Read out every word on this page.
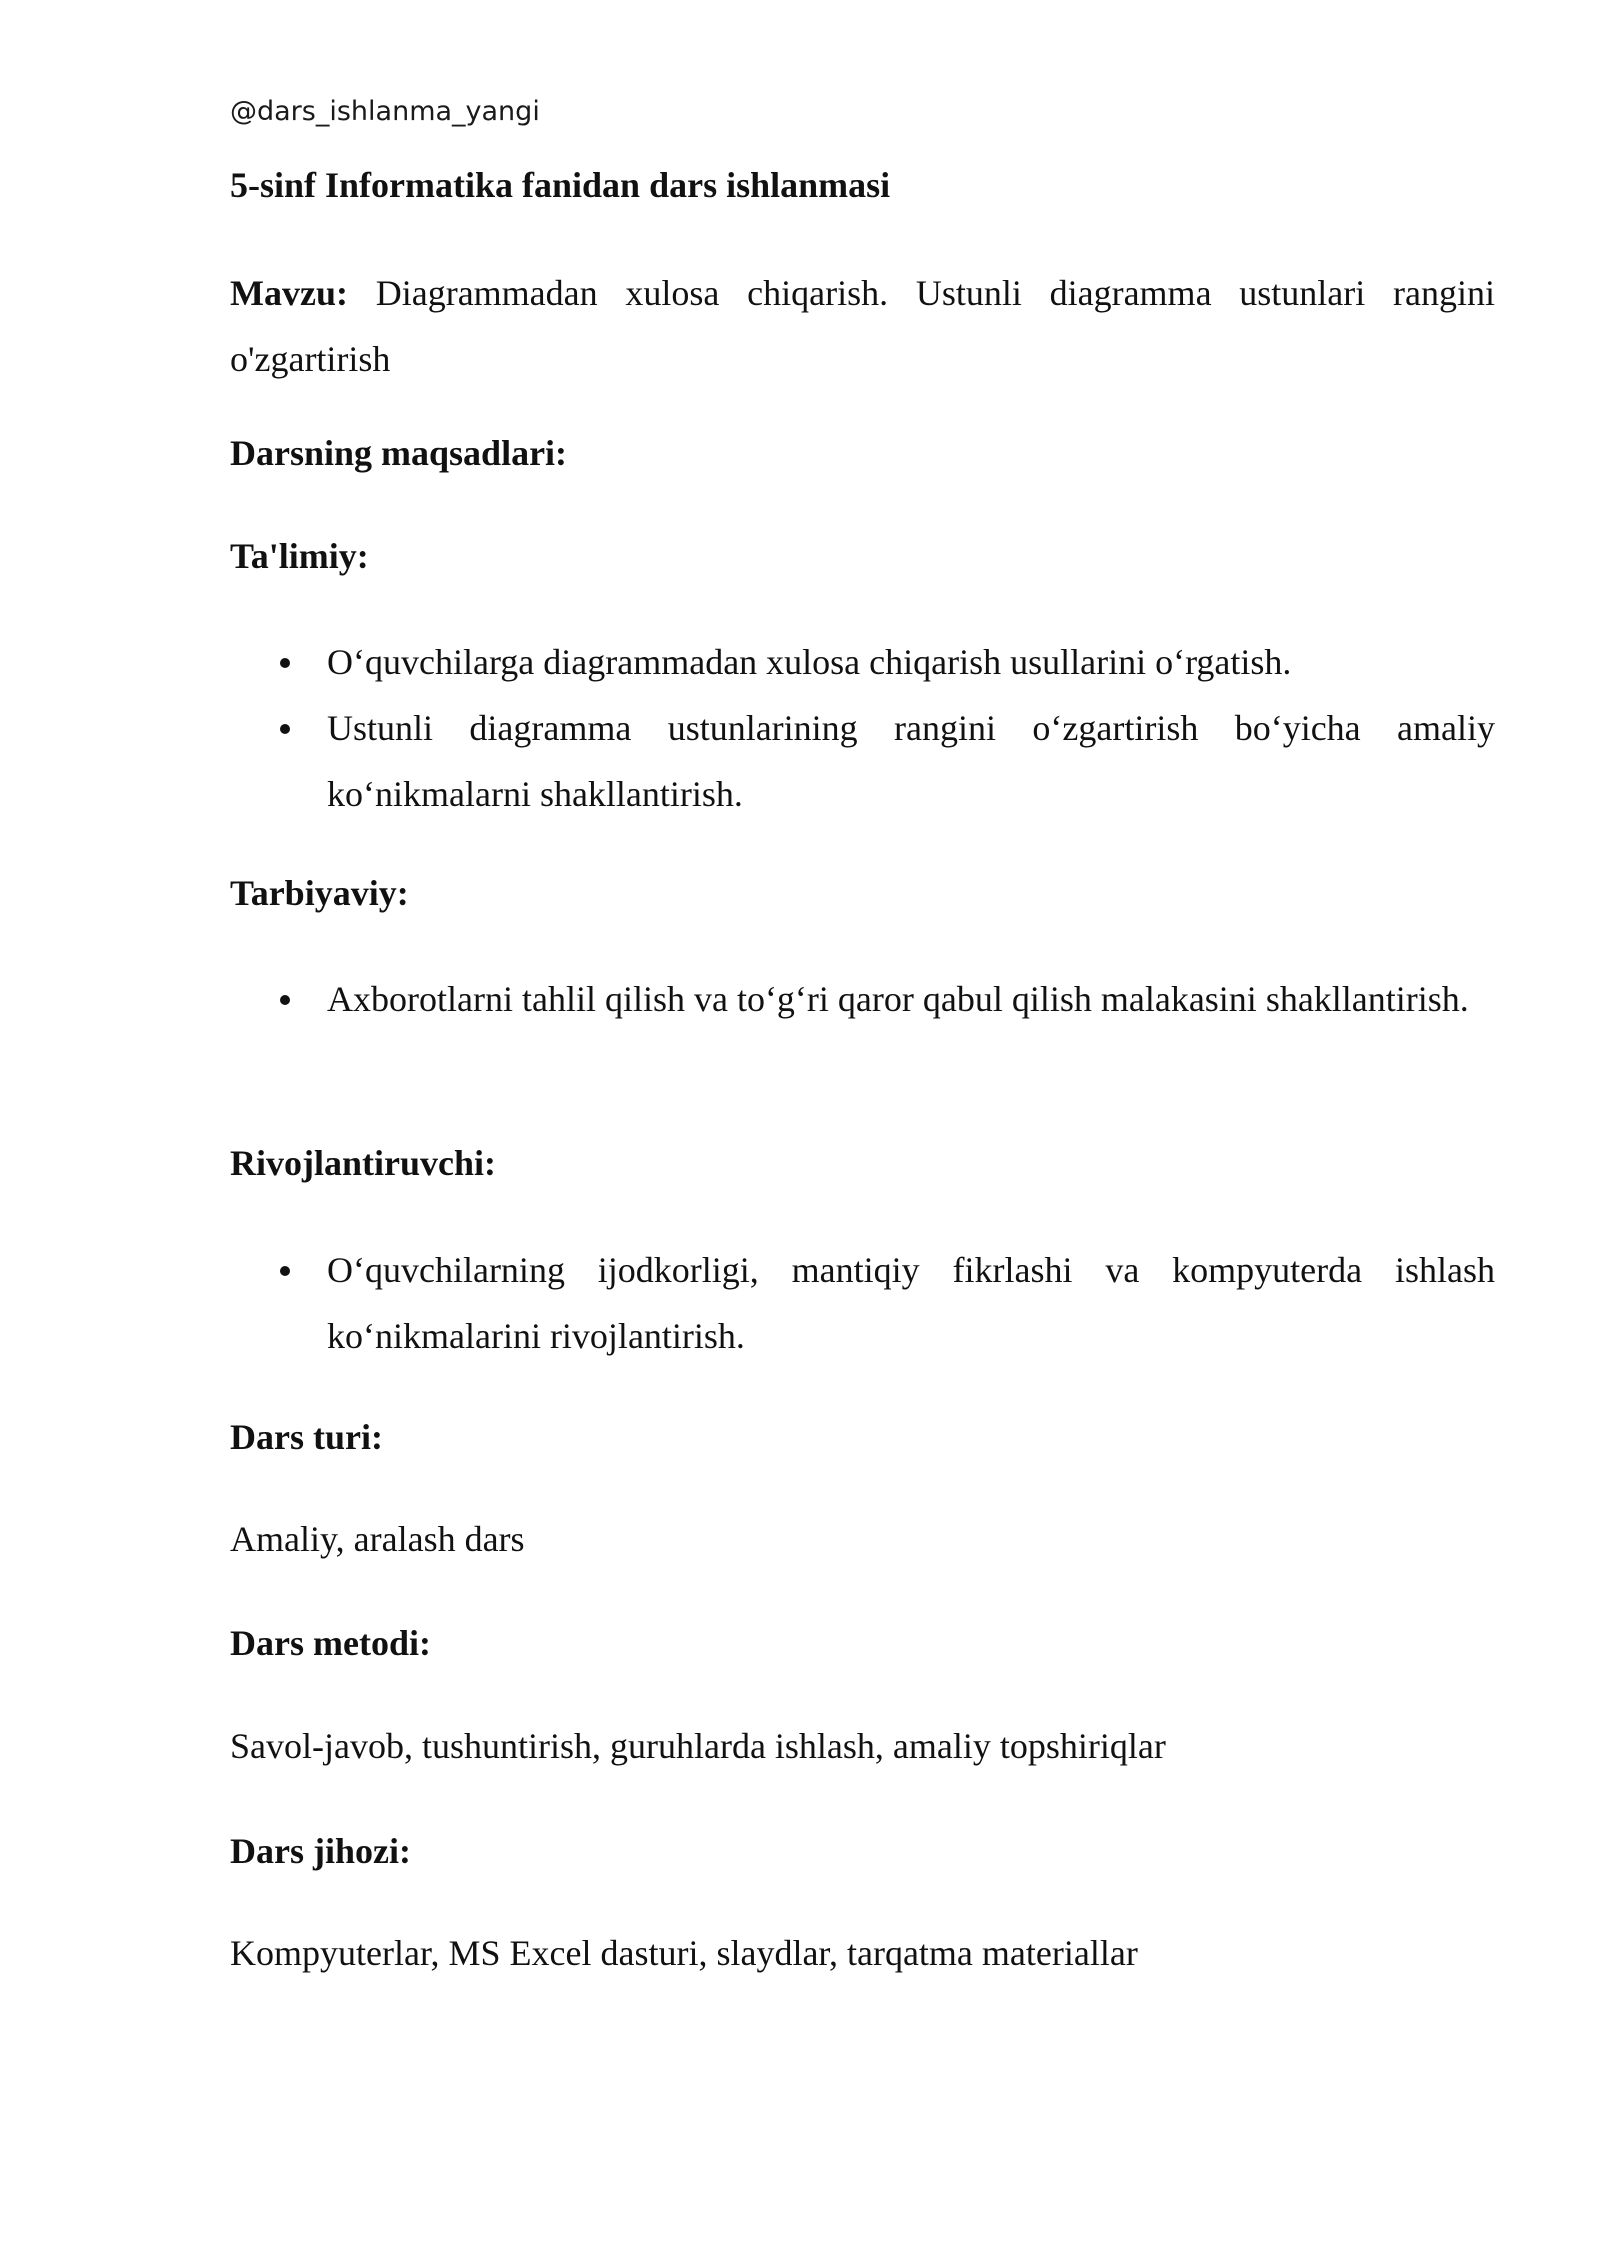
@dars_ishlanma_yangi
5-sinf Informatika fanidan dars ishlanmasi

Mavzu: Diagrammadan xulosa chiqarish. Ustunli diagramma ustunlari rangini o'zgartirish

Darsning maqsadlari:
Ta'limiy:
O‘quvchilarga diagrammadan xulosa chiqarish usullarini o‘rgatish.
Ustunli diagramma ustunlarining rangini o‘zgartirish bo‘yicha amaliy ko‘nikmalarni shakllantirish.
Tarbiyaviy:
Axborotlarni tahlil qilish va to‘g‘ri qaror qabul qilish malakasini shakllantirish.
Rivojlantiruvchi:
O‘quvchilarning ijodkorligi, mantiqiy fikrlashi va kompyuterda ishlash ko‘nikmalarini rivojlantirish.
Dars turi:

Amaliy, aralash dars

Dars metodi:

Savol-javob, tushuntirish, guruhlarda ishlash, amaliy topshiriqlar

Dars jihozi:

Kompyuterlar, MS Excel dasturi, slaydlar, tarqatma materiallar
